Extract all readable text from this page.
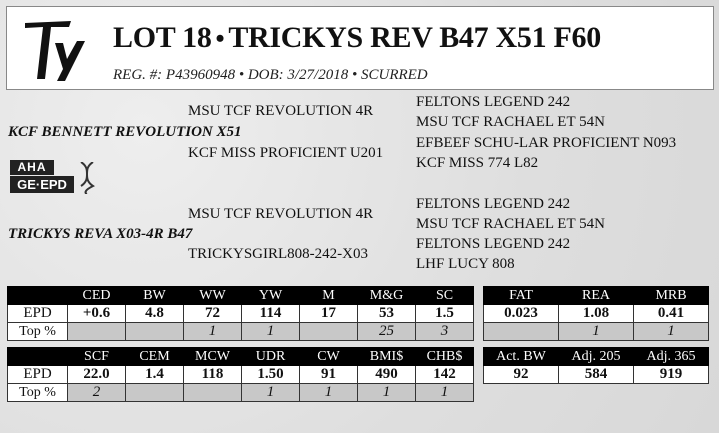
LOT 18 • TRICKYS REV B47 X51 F60
REG. #: P43960948 • DOB: 3/27/2018 • SCURRED
MSU TCF REVOLUTION 4R
KCF BENNETT REVOLUTION X51
KCF MISS PROFICIENT U201
FELTONS LEGEND 242
MSU TCF RACHAEL ET 54N
EFBEEF SCHU-LAR PROFICIENT N093
KCF MISS 774 L82
AHA
GE·EPD
MSU TCF REVOLUTION 4R
TRICKYS REVA X03-4R B47
TRICKYSGIRL808-242-X03
FELTONS LEGEND 242
MSU TCF RACHAEL ET 54N
FELTONS LEGEND 242
LHF LUCY 808
	CED	BW	WW	YW	M	M&G	SC
EPD	+0.6	4.8	72	114	17	53	1.5
Top %			1	1		25	3
	SCF	CEM	MCW	UDR	CW	BMI$	CHB$
EPD	22.0	1.4	118	1.50	91	490	142
Top %	2			1	1	1	1
FAT	REA	MRB
0.023	1.08	0.41
	1	1
Act. BW	Adj. 205	Adj. 365
92	584	919
